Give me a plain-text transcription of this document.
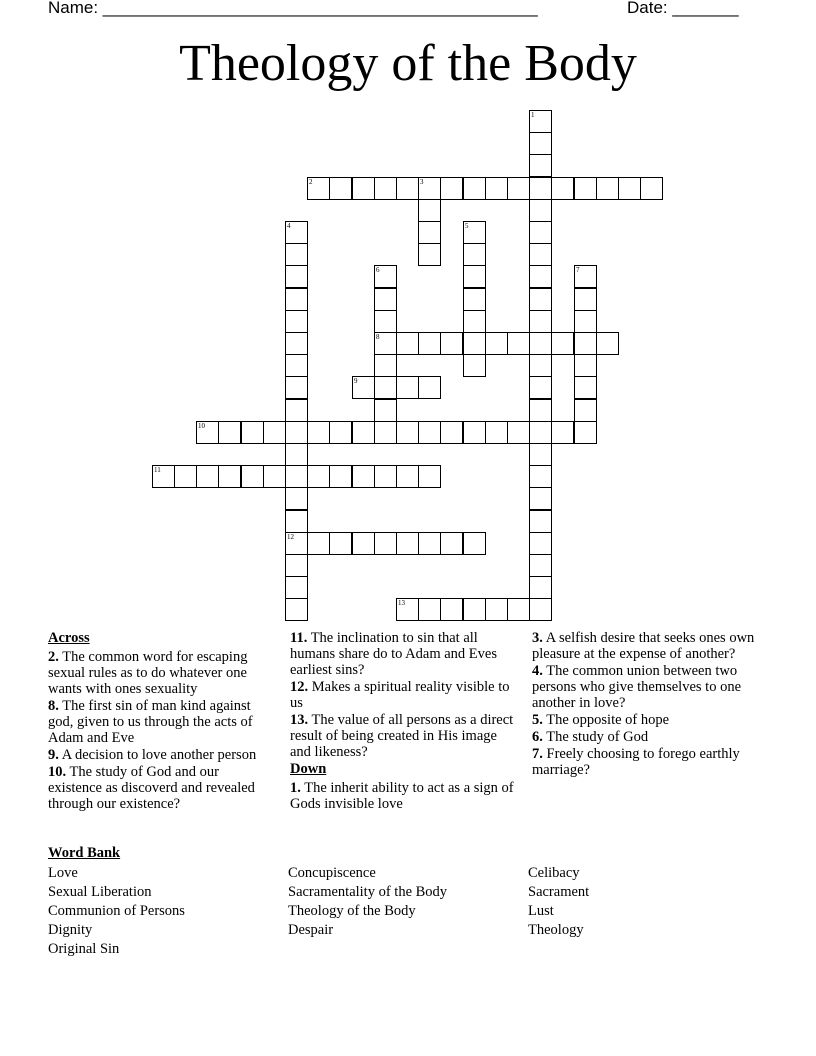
Name: ______________________________________________	Date: _______
Theology of the Body
1
2	3
4	5
6	7
8
9
10
11
12
13

Across

2. The common word for escaping sexual rules as to do whatever one wants with ones sexuality

8. The first sin of man kind against god, given to us through the acts of Adam and Eve

9. A decision to love another person

10. The study of God and our existence as discoverd and revealed through our existence?

11. The inclination to sin that all humans share do to Adam and Eves earliest sins?

12. Makes a spiritual reality visible to us

13. The value of all persons as a direct result of being created in His image and likeness?

Down

1. The inherit ability to act as a sign of Gods invisible love

3. A selfish desire that seeks ones own pleasure at the expense of another?

4. The common union between two persons who give themselves to one another in love?

5. The opposite of hope

6. The study of God

7. Freely choosing to forego earthly marriage?

Word Bank
Love
Sexual Liberation
Communion of Persons
Dignity
Original Sin
Concupiscence
Sacramentality of the Body
Theology of the Body
Despair
Celibacy
Sacrament
Lust
Theology
